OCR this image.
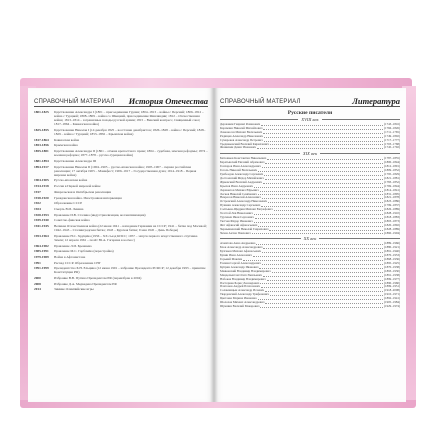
СПРАВОЧНЫЙ МАТЕРИАЛ История Отечества
1801-1825	Царствование Александра I (1801 – присоединение Грузии; 1804–1813 – войны с Персией; 1806–1812 – война с Турцией; 1808–1809 – война со Швецией, присоединение Финляндии; 1812 – Отечественная война; 1813–1814 – заграничные походы русской армии; 1815 – Венский конгресс, Священный союз; 1817–1864 – Кавказская война)
1825-1855	Царствование Николая I (14 декабря 1825 – восстание декабристов; 1826–1828 – война с Персией; 1828–1829 – война с Турцией; 1853–1856 – Крымская война)
1817-1864	Кавказская война
1853-1856	Крымская война
1855-1881	Царствование Александра II (1861 – отмена крепостного права; 1864 – судебная, земская реформы; 1874 – военная реформа; 1877–1878 – русско-турецкая война)
1881-1894	Царствование Александра III
1894-1917	Царствование Николая II (1904–1905 – русско-японская война; 1905–1907 – первая российская революция; 17 октября 1905 – Манифест; 1906–1917 – Государственная дума; 1914–1918 – Первая мировая война)
1904-1905	Русско-японская война
1914-1918	Россия в Первой мировой войне
1917	Февральская и Октябрьская революции
1918-1920	Гражданская война. Иностранная интервенция
1922	Образование СССР
1924	Смерть В.И. Ленина
1928-1953	Правление И.В. Сталина (индустриализация, коллективизация)
1939-1940	Советско-финская война
1941-1945	Великая Отечественная война (22 июня 1941 – нападение Германии на СССР; 1941 – битва под Москвой; 1942–1943 – Сталинградская битва; 1943 – Курская битва; 9 мая 1945 – День Победы)
1953-1964	Правление Н.С. Хрущёва (1956 – XX съезд КПСС; 1957 – запуск первого искусственного спутника Земли; 12 апреля 1961 – полёт Ю.А. Гагарина в космос)
1964-1982	Правление Л.И. Брежнева
1985-1991	Правление М.С. Горбачёва (перестройка)
1979-1989	Война в Афганистане
1991	Распад СССР. Образование СНГ
1991-1999	Президентство Б.Н. Ельцина (12 июня 1991 – избрание Президента РСФСР; 12 декабря 1993 – принятие Конституции РФ)
2000	Избрание В.В. Путина Президентом РФ (переизбран в 2004)
2008	Избрание Д.А. Медведева Президентом РФ
2014	Зимние Олимпийские игры
СПРАВОЧНЫЙ МАТЕРИАЛ	Литература
Русские писатели
XVIII век
Державин Гавриил Романович	(1743–1816)
Карамзин Николай Михайлович	(1766–1826)
Ломоносов Михаил Васильевич	(1711–1765)
Радищев Александр Николаевич	(1749–1802)
Сумароков Александр Петрович	(1717–1777)
Тредиаковский Василий Кириллович	(1703–1768)
Фонвизин Денис Иванович	(1745–1792)
XIX век
Батюшков Константин Николаевич	(1787–1855)
Баратынский Евгений Абрамович	(1800–1844)
Гончаров Иван Александрович	(1812–1891)
Гоголь Николай Васильевич	(1809–1852)
Грибоедов Александр Сергеевич	(1795–1829)
Достоевский Фёдор Михайлович	(1821–1881)
Жуковский Василий Андреевич	(1783–1852)
Крылов Иван Андреевич	(1769–1844)
Лермонтов Михаил Юрьевич	(1814–1841)
Лесков Николай Семёнович	(1831–1895)
Некрасов Николай Алексеевич	(1821–1878)
Островский Александр Николаевич	(1823–1886)
Пушкин Александр Сергеевич	(1799–1837)
Салтыков-Щедрин Михаил Евграфович	(1826–1889)
Толстой Лев Николаевич	(1828–1910)
Тургенев Иван Сергеевич	(1818–1883)
Тютчев Фёдор Иванович	(1803–1873)
Фет Афанасий Афанасьевич	(1820–1892)
Чернышевский Николай Гаврилович	(1828–1889)
Чехов Антон Павлович	(1860–1904)
XX век
Ахматова Анна Андреевна	(1889–1966)
Блок Александр Александрович	(1880–1921)
Булгаков Михаил Афанасьевич	(1891–1940)
Бунин Иван Алексеевич	(1870–1953)
Горький Максим	(1868–1936)
Есенин Сергей Александрович	(1895–1925)
Куприн Александр Иванович	(1870–1938)
Маяковский Владимир Владимирович	(1893–1930)
Мандельштам Осип Эмильевич	(1891–1938)
Набоков Владимир Владимирович	(1899–1977)
Пастернак Борис Леонидович	(1890–1960)
Платонов Андрей Платонович	(1899–1951)
Солженицын Александр Исаевич	(1918–2008)
Твардовский Александр Трифонович	(1910–1971)
Цветаева Марина Ивановна	(1892–1941)
Шолохов Михаил Александрович	(1905–1984)
Шукшин Василий Макарович	(1929–1974)
